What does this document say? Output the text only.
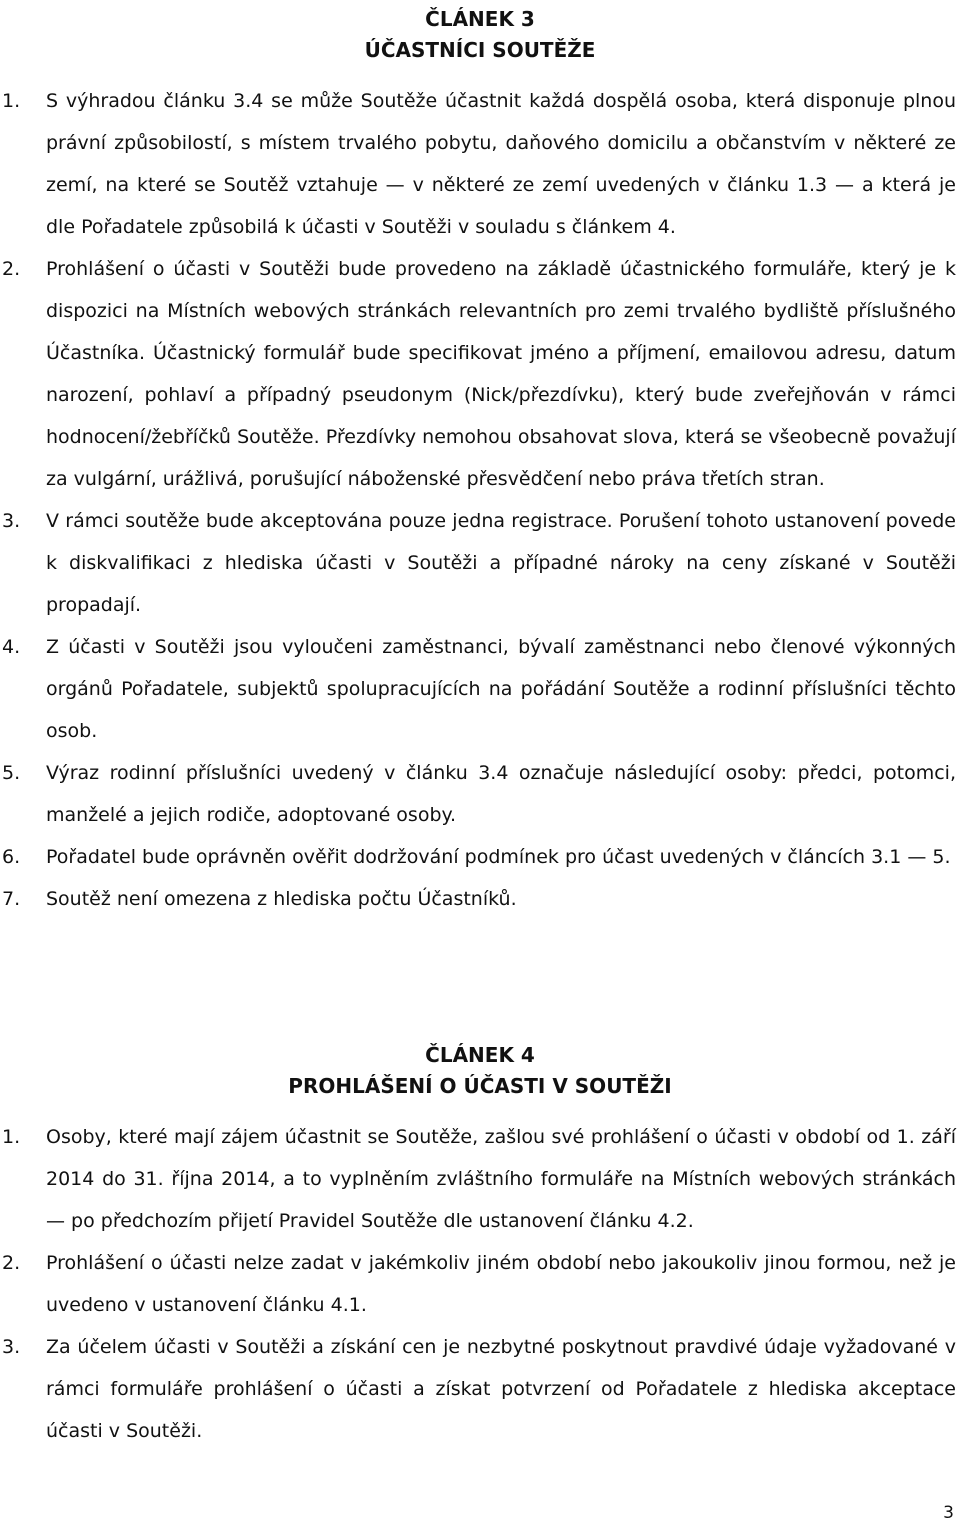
ČLÁNEK 3
ÚČASTNÍCI SOUTĚŽE
1.	S výhradou článku 3.4 se může Soutěže účastnit každá dospělá osoba, která disponuje plnou právní způsobilostí, s místem trvalého pobytu, daňového domicilu a občanstvím v některé ze zemí, na které se Soutěž vztahuje — v některé ze zemí uvedených v článku 1.3 — a která je dle Pořadatele způsobilá k účasti v Soutěži v souladu s článkem 4.
2.	Prohlášení o účasti v Soutěži bude provedeno na základě účastnického formuláře, který je k dispozici na Místních webových stránkách relevantních pro zemi trvalého bydliště příslušného Účastníka. Účastnický formulář bude specifikovat jméno a příjmení, emailovou adresu, datum narození, pohlaví a případný pseudonym (Nick/přezdívku), který bude zveřejňován v rámci hodnocení/žebříčků Soutěže. Přezdívky nemohou obsahovat slova, která se všeobecně považují za vulgární, urážlivá, porušující náboženské přesvědčení nebo práva třetích stran.
3.	V rámci soutěže bude akceptována pouze jedna registrace. Porušení tohoto ustanovení povede k diskvalifikaci z hlediska účasti v Soutěži a případné nároky na ceny získané v Soutěži propadají.
4.	Z účasti v Soutěži jsou vyloučeni zaměstnanci, bývalí zaměstnanci nebo členové výkonných orgánů Pořadatele, subjektů spolupracujících na pořádání Soutěže a rodinní příslušníci těchto osob.
5.	Výraz rodinní příslušníci uvedený v článku 3.4 označuje následující osoby: předci, potomci, manželé a jejich rodiče, adoptované osoby.
6.	Pořadatel bude oprávněn ověřit dodržování podmínek pro účast uvedených v článcích 3.1 — 5.
7.	Soutěž není omezena z hlediska počtu Účastníků.
ČLÁNEK 4
PROHLÁŠENÍ O ÚČASTI V SOUTĚŽI
1.	Osoby, které mají zájem účastnit se Soutěže, zašlou své prohlášení o účasti v období od 1. září 2014 do 31. října 2014, a to vyplněním zvláštního formuláře na Místních webových stránkách — po předchozím přijetí Pravidel Soutěže dle ustanovení článku 4.2.
2.	Prohlášení o účasti nelze zadat v jakémkoliv jiném období nebo jakoukoliv jinou formou, než je uvedeno v ustanovení článku 4.1.
3.	Za účelem účasti v Soutěži a získání cen je nezbytné poskytnout pravdivé údaje vyžadované v rámci formuláře prohlášení o účasti a získat potvrzení od Pořadatele z hlediska akceptace účasti v Soutěži.
3
